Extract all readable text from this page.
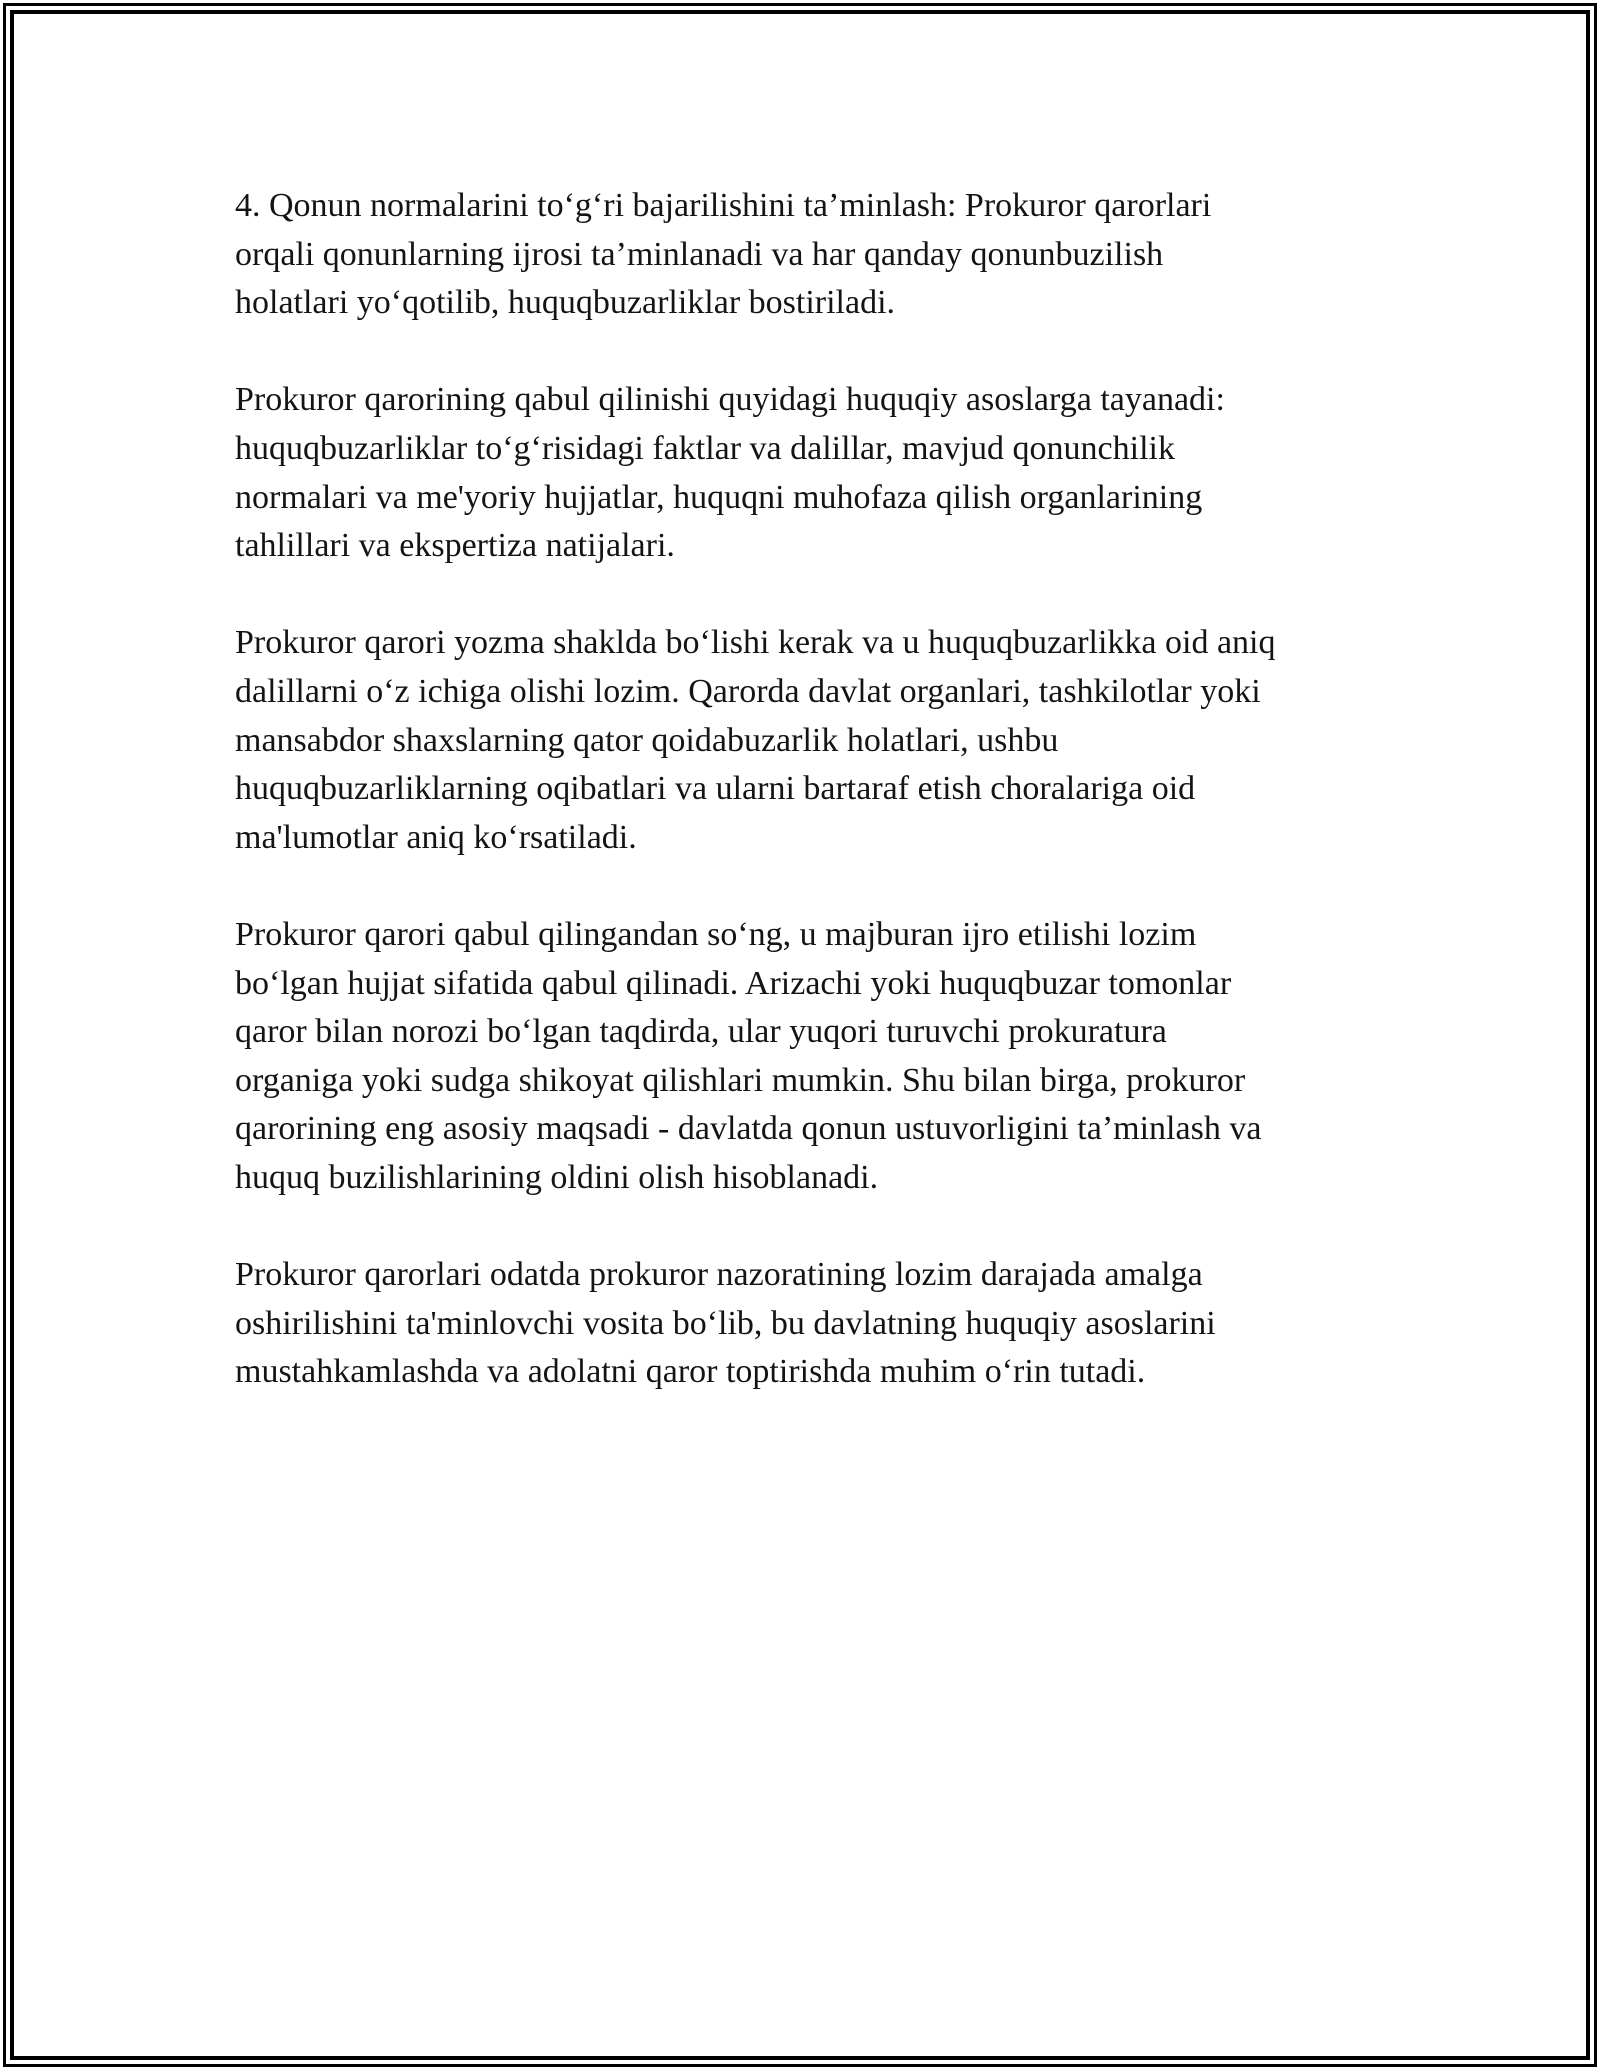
4. Qonun normalarini to‘g‘ri bajarilishini ta’minlash: Prokuror qarorlari
orqali qonunlarning ijrosi ta’minlanadi va har qanday qonunbuzilish
holatlari yo‘qotilib, huquqbuzarliklar bostiriladi.

Prokuror qarorining qabul qilinishi quyidagi huquqiy asoslarga tayanadi:
huquqbuzarliklar to‘g‘risidagi faktlar va dalillar, mavjud qonunchilik
normalari va me'yoriy hujjatlar, huquqni muhofaza qilish organlarining
tahlillari va ekspertiza natijalari.

Prokuror qarori yozma shaklda bo‘lishi kerak va u huquqbuzarlikka oid aniq
dalillarni o‘z ichiga olishi lozim. Qarorda davlat organlari, tashkilotlar yoki
mansabdor shaxslarning qator qoidabuzarlik holatlari, ushbu
huquqbuzarliklarning oqibatlari va ularni bartaraf etish choralariga oid
ma'lumotlar aniq ko‘rsatiladi.

Prokuror qarori qabul qilingandan so‘ng, u majburan ijro etilishi lozim
bo‘lgan hujjat sifatida qabul qilinadi. Arizachi yoki huquqbuzar tomonlar
qaror bilan norozi bo‘lgan taqdirda, ular yuqori turuvchi prokuratura
organiga yoki sudga shikoyat qilishlari mumkin. Shu bilan birga, prokuror
qarorining eng asosiy maqsadi - davlatda qonun ustuvorligini ta’minlash va
huquq buzilishlarining oldini olish hisoblanadi.

Prokuror qarorlari odatda prokuror nazoratining lozim darajada amalga
oshirilishini ta'minlovchi vosita bo‘lib, bu davlatning huquqiy asoslarini
mustahkamlashda va adolatni qaror toptirishda muhim o‘rin tutadi.
